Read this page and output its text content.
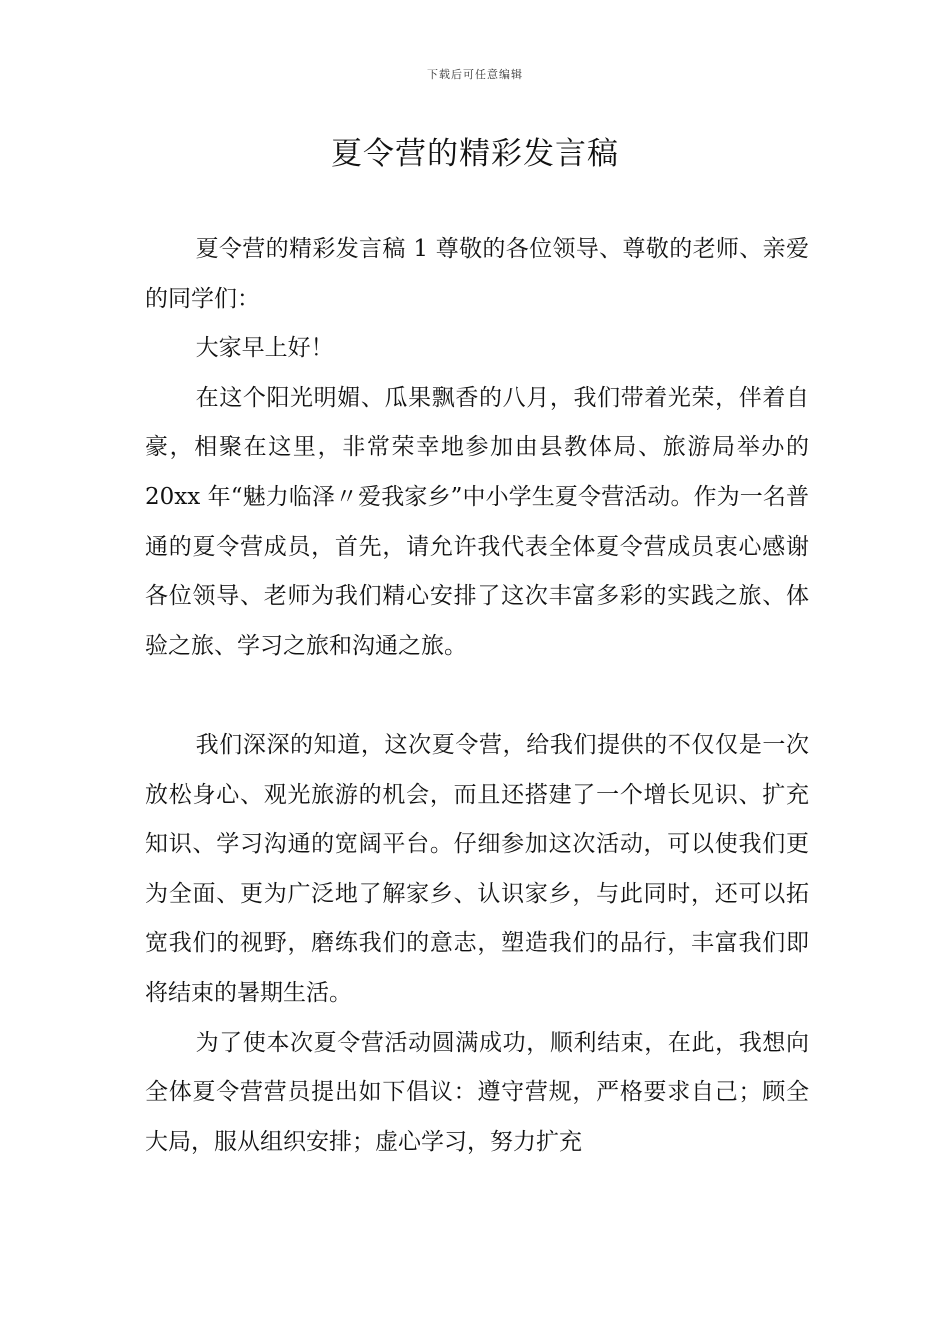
下载后可任意编辑
夏令营的精彩发言稿

夏令营的精彩发言稿 1 尊敬的各位领导、尊敬的老师、亲爱的同学们：

大家早上好！

在这个阳光明媚、瓜果飘香的八月，我们带着光荣，伴着自豪，相聚在这里，非常荣幸地参加由县教体局、旅游局举办的 20xx 年“魅力临泽〃爱我家乡”中小学生夏令营活动。作为一名普通的夏令营成员，首先，请允许我代表全体夏令营成员衷心感谢各位领导、老师为我们精心安排了这次丰富多彩的实践之旅、体验之旅、学习之旅和沟通之旅。

我们深深的知道，这次夏令营，给我们提供的不仅仅是一次放松身心、观光旅游的机会，而且还搭建了一个增长见识、扩充知识、学习沟通的宽阔平台。仔细参加这次活动，可以使我们更为全面、更为广泛地了解家乡、认识家乡，与此同时，还可以拓宽我们的视野，磨练我们的意志，塑造我们的品行，丰富我们即将结束的暑期生活。

为了使本次夏令营活动圆满成功，顺利结束，在此，我想向全体夏令营营员提出如下倡议：遵守营规，严格要求自己；顾全大局，服从组织安排；虚心学习，努力扩充
